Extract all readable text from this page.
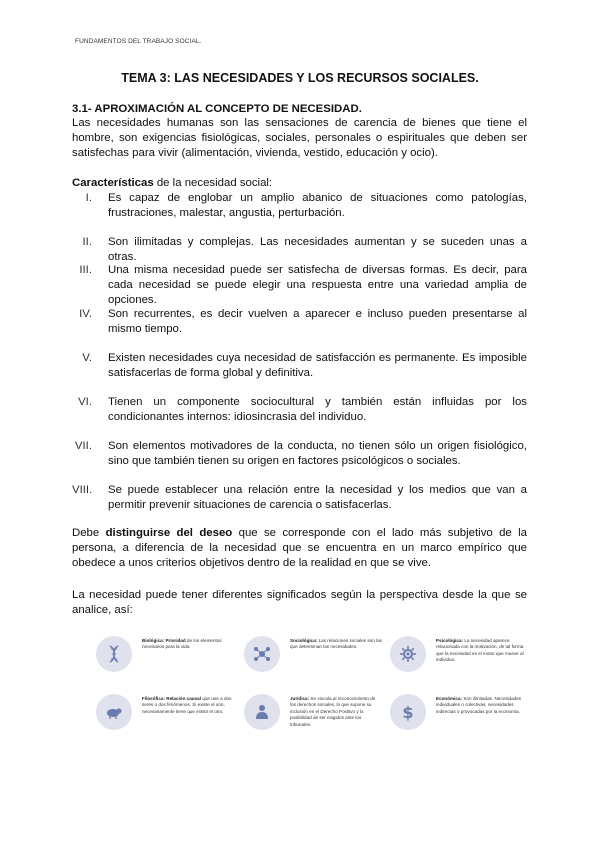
FUNDAMENTOS DEL TRABAJO SOCIAL.
TEMA 3: LAS NECESIDADES Y LOS RECURSOS SOCIALES.
3.1- APROXIMACIÓN AL CONCEPTO DE NECESIDAD.
Las necesidades humanas son las sensaciones de carencia de bienes que tiene el hombre, son exigencias fisiológicas, sociales, personales o espirituales que deben ser satisfechas para vivir (alimentación, vivienda, vestido, educación y ocio).
Características de la necesidad social:
I. Es capaz de englobar un amplio abanico de situaciones como patologías, frustraciones, malestar, angustia, perturbación.
II. Son ilimitadas y complejas. Las necesidades aumentan y se suceden unas a otras.
III. Una misma necesidad puede ser satisfecha de diversas formas. Es decir, para cada necesidad se puede elegir una respuesta entre una variedad amplia de opciones.
IV. Son recurrentes, es decir vuelven a aparecer e incluso pueden presentarse al mismo tiempo.
V. Existen necesidades cuya necesidad de satisfacción es permanente. Es imposible satisfacerlas de forma global y definitiva.
VI. Tienen un componente sociocultural y también están influidas por los condicionantes internos: idiosincrasia del individuo.
VII. Son elementos motivadores de la conducta, no tienen sólo un origen fisiológico, sino que también tienen su origen en factores psicológicos o sociales.
VIII. Se puede establecer una relación entre la necesidad y los medios que van a permitir prevenir situaciones de carencia o satisfacerlas.
Debe distinguirse del deseo que se corresponde con el lado más subjetivo de la persona, a diferencia de la necesidad que se encuentra en un marco empírico que obedece a unos criterios objetivos dentro de la realidad en que se vive.
La necesidad puede tener diferentes significados según la perspectiva desde la que se analice, así:
Biológica: Prioridad de los elementos necesarios para la vida.
Sociológica: Las relaciones sociales son las que determinan las necesidades.
Psicológica: La necesidad aparece relacionada con la motivación, de tal forma que la necesidad es el motor que mueve al individuo.
Filosófica: Relación causal que une a dos seres o dos fenómenos. Si existe el uno, necesariamente tiene que existir el otro.
Jurídica: Se vincula al reconocimiento de los derechos sociales, lo que supone su inclusión en el Derecho Positivo y la posibilidad de ser exigidos ante los tribunales.
$
Económica: Son ilimitadas. Necesidades individuales o colectivas, necesidades indirectas o provocadas por la economía.
